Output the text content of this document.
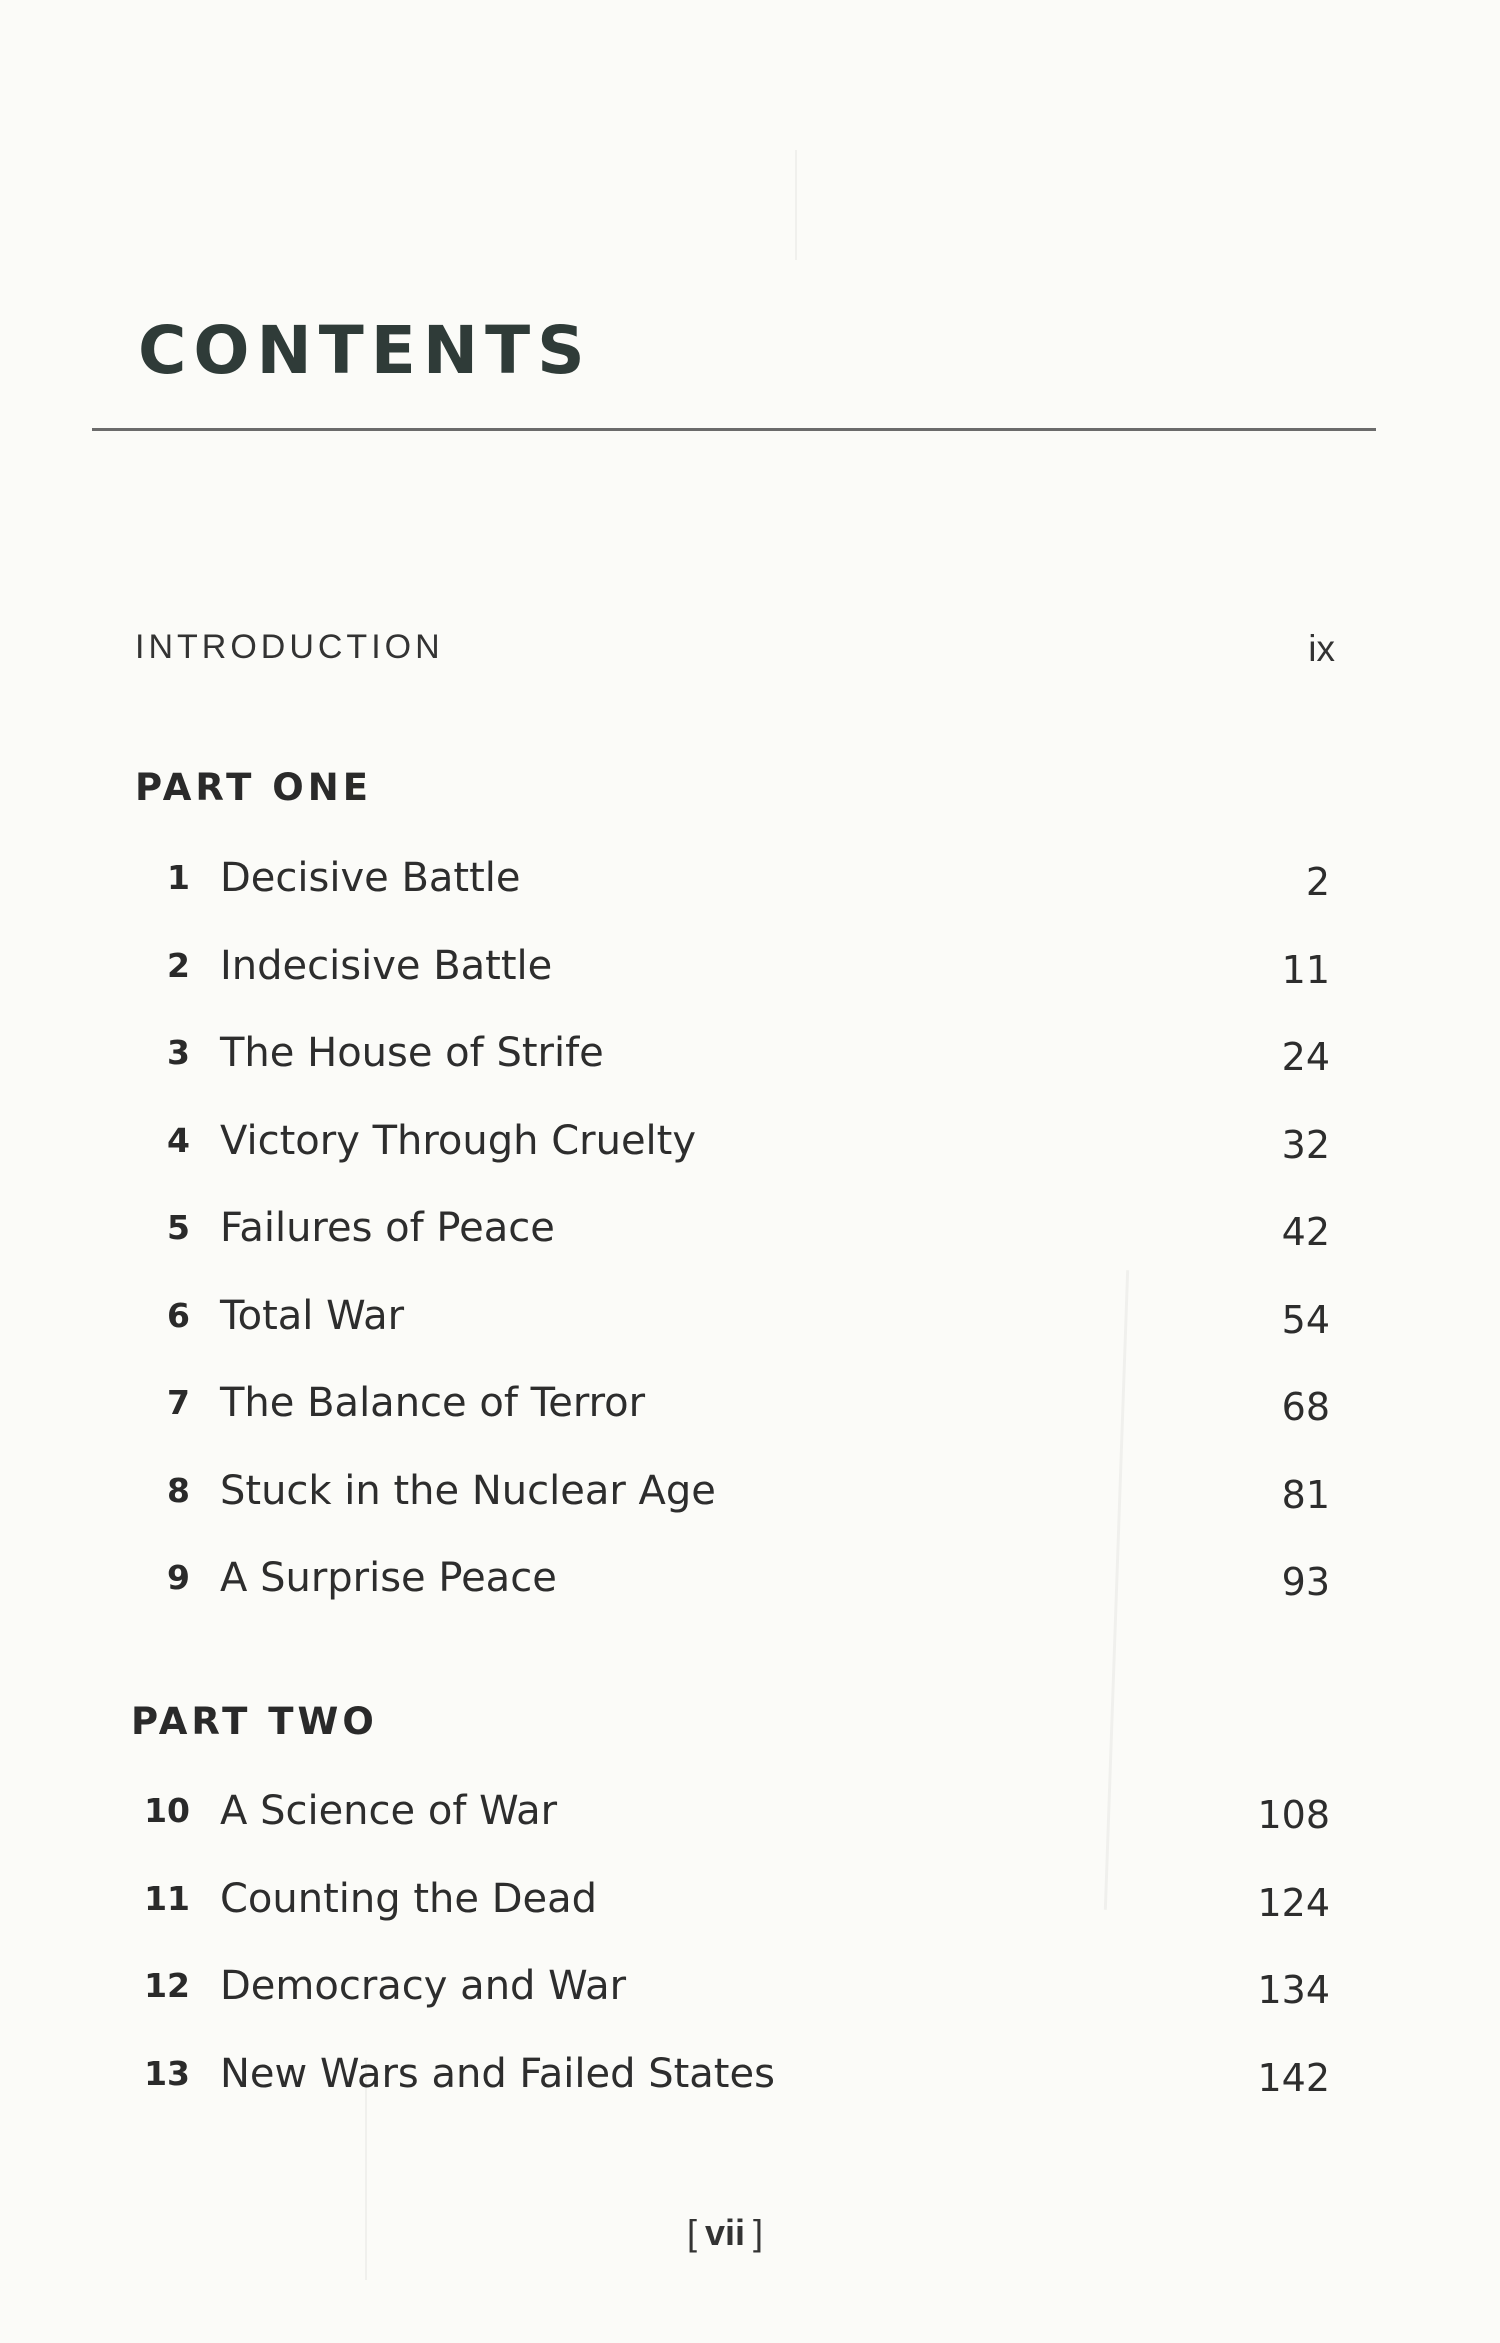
CONTENTS
INTRODUCTION	ix
PART ONE
1 Decisive Battle	2
2 Indecisive Battle	11
3 The House of Strife	24
4 Victory Through Cruelty	32
5 Failures of Peace	42
6 Total War	54
7 The Balance of Terror	68
8 Stuck in the Nuclear Age	81
9 A Surprise Peace	93
PART TWO
10 A Science of War	108
11 Counting the Dead	124
12 Democracy and War	134
13 New Wars and Failed States	142
[ vii ]
